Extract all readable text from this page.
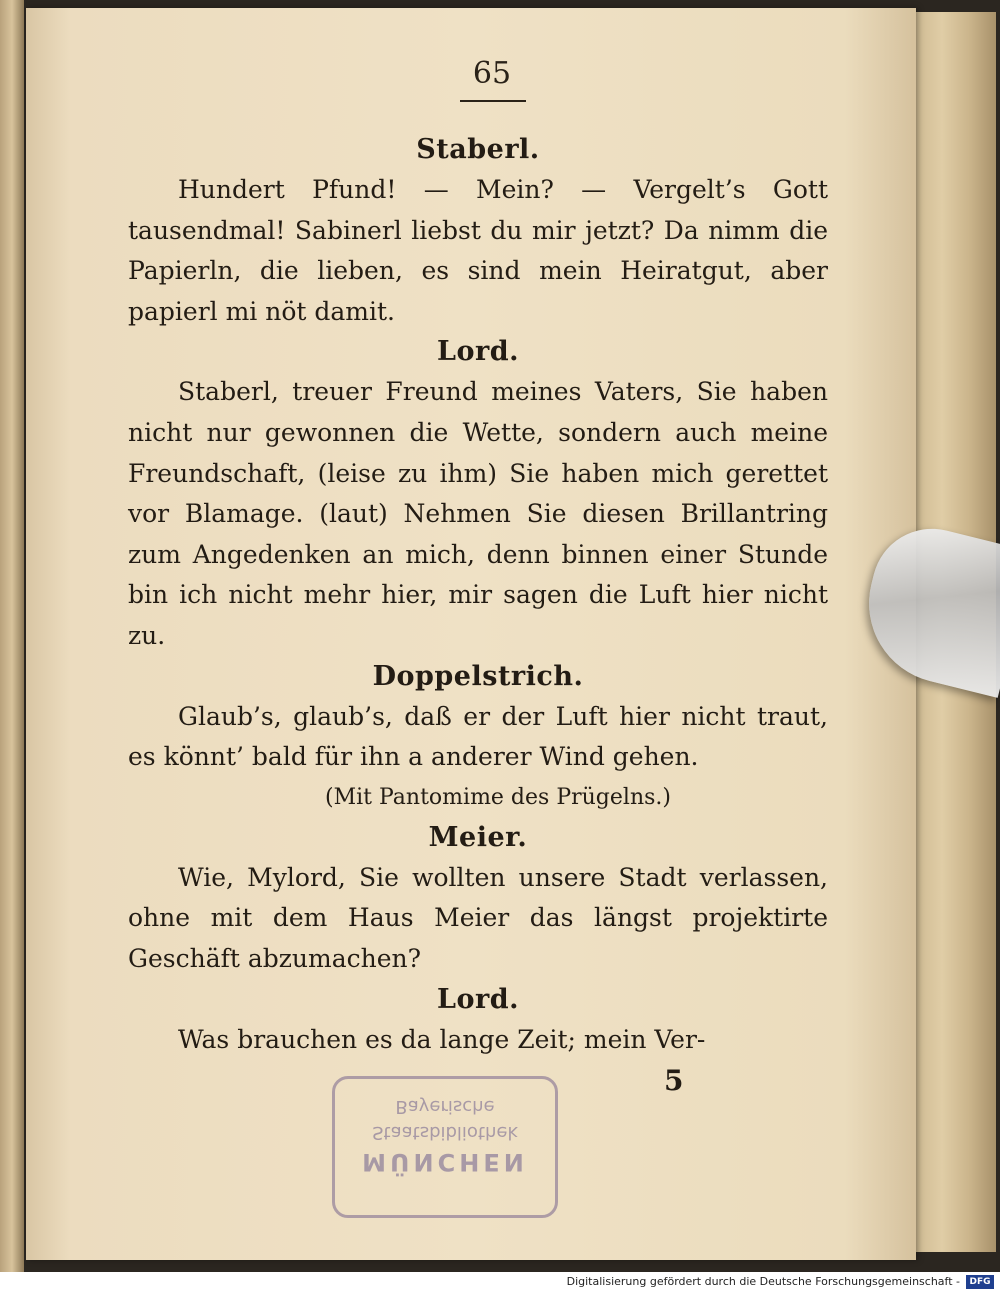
65
Staberl.

Hundert Pfund! — Mein? — Vergelt’s Gott tausendmal! Sabinerl liebst du mir jetzt? Da nimm die Papierln, die lieben, es sind mein Heiratgut, aber papierl mi nöt damit.

Lord.

Staberl, treuer Freund meines Vaters, Sie haben nicht nur gewonnen die Wette, sondern auch meine Freundschaft, (leise zu ihm) Sie haben mich gerettet vor Blamage. (laut) Nehmen Sie diesen Brillantring zum Angedenken an mich, denn binnen einer Stunde bin ich nicht mehr hier, mir sagen die Luft hier nicht zu.

Doppelstrich.

Glaub’s, glaub’s, daß er der Luft hier nicht traut, es könnt’ bald für ihn a anderer Wind gehen.

(Mit Pantomime des Prügelns.)
Meier.

Wie, Mylord, Sie wollten unsere Stadt verlassen, ohne mit dem Haus Meier das längst projektirte Geschäft abzumachen?

Lord.

Was brauchen es da lange Zeit; mein Ver-

5
Bayerische
Staatsbibliothek
MÜNCHEN
Digitalisierung gefördert durch die Deutsche Forschungsgemeinschaft -	DFG
